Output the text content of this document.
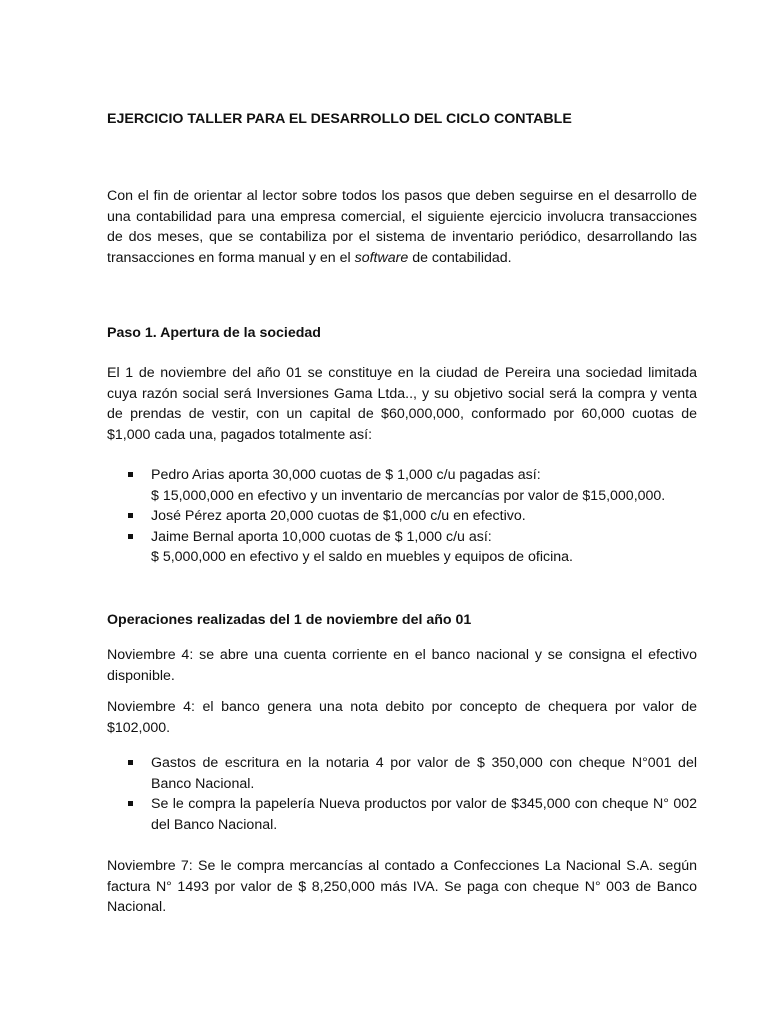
EJERCICIO TALLER PARA EL DESARROLLO DEL CICLO CONTABLE

Con el fin de orientar al lector sobre todos los pasos que deben seguirse en el desarrollo de una contabilidad para una empresa comercial, el siguiente ejercicio involucra transacciones de dos meses, que se contabiliza por el sistema de inventario periódico, desarrollando las transacciones en forma manual y en el software de contabilidad.

Paso 1. Apertura de la sociedad

El 1 de noviembre del año 01 se constituye en la ciudad de Pereira una sociedad limitada cuya razón social será Inversiones Gama Ltda.., y su objetivo social será la compra y venta de prendas de vestir, con un capital de $60,000,000, conformado por 60,000 cuotas de $1,000 cada una, pagados totalmente así:

Pedro Arias aporta 30,000 cuotas de $ 1,000 c/u pagadas así:
$ 15,000,000 en efectivo y un inventario de mercancías por valor de $15,000,000.
José Pérez aporta 20,000 cuotas de $1,000 c/u en efectivo.
Jaime Bernal aporta 10,000 cuotas de $ 1,000 c/u así:
$ 5,000,000 en efectivo y el saldo en muebles y equipos de oficina.

Operaciones realizadas del 1 de noviembre del año 01

Noviembre 4: se abre una cuenta corriente en el banco nacional y se consigna el efectivo disponible.

Noviembre 4: el banco genera una nota debito por concepto de chequera por valor de $102,000.

Gastos de escritura en la notaria 4 por valor de $ 350,000 con cheque N°001 del Banco Nacional.
Se le compra la papelería Nueva productos por valor de $345,000 con cheque N° 002 del Banco Nacional.

Noviembre 7: Se le compra mercancías al contado a Confecciones La Nacional S.A. según factura N° 1493 por valor de $ 8,250,000 más IVA. Se paga con cheque N° 003 de Banco Nacional.
